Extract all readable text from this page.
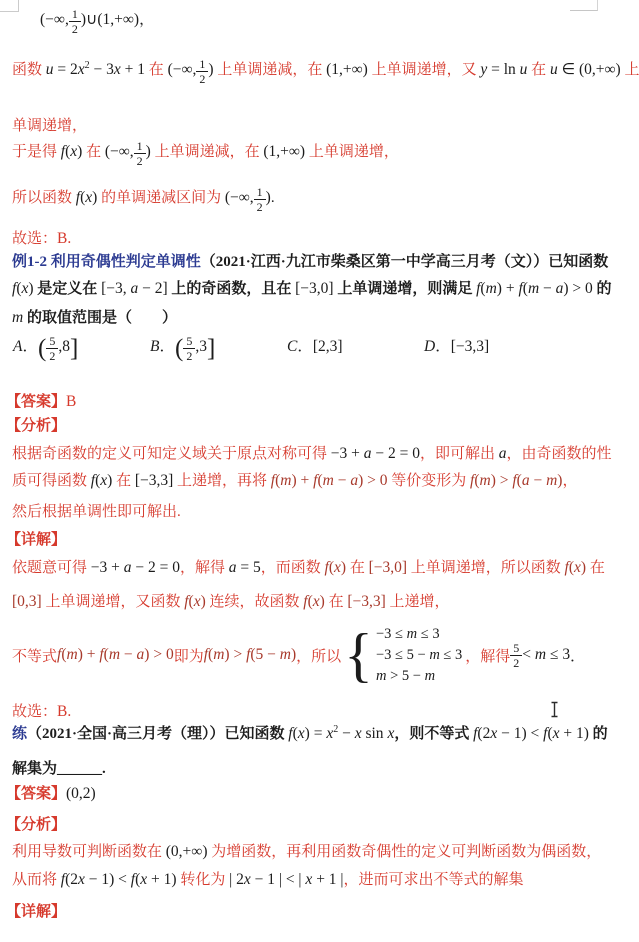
(−∞, $\frac{1}{2}$ )∪(1,+∞)，
函数 $u = 2x^2 - 3x + 1$ 在 (−∞, $\frac{1}{2}$ ) 上单调递减，在 (1,+∞) 上单调递增，又 y = ln u 在 u ∈ (0,+∞) 上
单调递增，
于是得 f(x) 在 (−∞, $\frac{1}{2}$ ) 上单调递减，在 (1,+∞) 上单调递增，
所以函数 f(x) 的单调递减区间为 (−∞, $\frac{1}{2}$ ).
故选：B.
例1-2 利用奇偶性判定单调性（2021·江西·九江市柴桑区第一中学高三月考（文））已知函数
f(x) 是定义在 [−3, a − 2] 上的奇函数，且在 [−3,0] 上单调递增，则满足 f(m) + f(m − a) > 0 的
m 的取值范围是（　　）
A．( $\frac{5}{2} ,8$]	B．( $\frac{5}{2} ,3$]	C．[2,3]	D．[−3,3]
【答案】B
【分析】
根据奇函数的定义可知定义域关于原点对称可得 −3 + a − 2 = 0，即可解出 a，由奇函数的性
质可得函数 f(x) 在 [−3,3] 上递增，再将 f(m) + f(m − a) > 0 等价变形为 f(m) > f(a − m)，
然后根据单调性即可解出.
【详解】
依题意可得 −3 + a − 2 = 0，解得 a = 5，而函数 f(x) 在 [−3,0] 上单调递增，所以函数 f(x) 在
[0,3] 上单调递增，又函数 f(x) 连续，故函数 f(x) 在 [−3,3] 上递增，
不等式 f(m) + f(m − a) > 0 即为 f(m) > f(5 − m) ，所以 { −3 ≤ m ≤ 3
−3 ≤ 5 − m ≤ 3
m > 5 − m
， 解得 $\frac{5}{2} < m \le 3$ ．
故选：B.
练（2021·全国·高三月考（理））已知函数 $f(x) = x^2 - x$ sin x，则不等式 f(2x − 1) < f(x + 1) 的
解集为______.
【答案】(0,2)
【分析】
利用导数可判断函数在 (0,+∞) 为增函数，再利用函数奇偶性的定义可判断函数为偶函数，
从而将 f(2x − 1) < f(x + 1) 转化为 | 2x − 1 | < | x + 1 |，进而可求出不等式的解集
【详解】
